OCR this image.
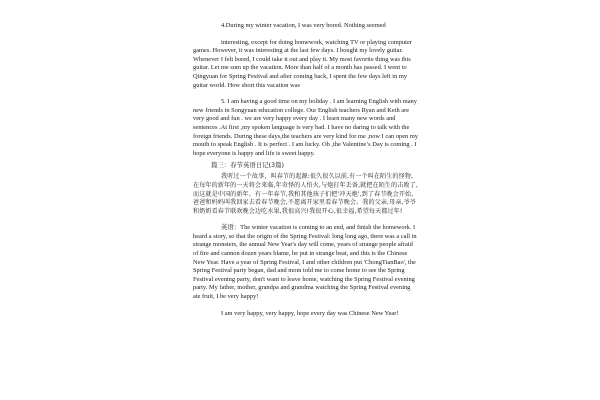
4.During my winter vacation, I was very bored. Nothing seemed

interesting, except for doing homework, watching TV or playing computer games. However, it was interesting at the last few days. I bought my lovely guitar. Whenever I felt bored, I could take it out and play it. My most favorite thing was this guitar. Let me sum up the vacation. More than half of a month has passed. I went to Qingyuan for Spring Festival and after coming back, I spent the few days left in my guitar world. How short this vacation was

5. I am having a good time on my holiday . I am learning English with many new friends in Songyuan education college. Our English teachers Ryan and Keth are very good and fun . we are very happy every day . I learn many new words and sentences .At first ,my spoken language is very bad. I have no daring to talk with the foreign friends. During these days,the teachers are very kind for me ,now I can open my mouth to speak English . It is perfect . I am lucky. Oh ,the Valentine’s Day is coming . I hope everyone is happy and life is sweet happy.

篇三：春节英语日记(3篇)

我听过一个故事，叫春节的起源:很久很久以前,有一个叫在陌生的怪物,在每年的新年的一天将会来临,年奇怪的人怕火,与炮打年丢备,就把在陌生的击败了,而这就是中国的新年。有一年春节,我和其他孩子们把'冲天炮',到了春节晚会开始,爸爸和妈妈叫我回家去看春节晚会,不愿离开家里看春节晚会。我的父亲,母亲,爷爷和奶奶看春节联欢晚会边吃水果,我很高兴!我很开心,很幸福,希望每天都过年!

英语：The winter vacation is coming to an end, and finish the homework. I heard a story, so that the origin of the Spring Festival: long long ago, there was a call in strange monsters, the annual New Year's day will come, years of strange people afraid of fire and cannon dozen years blame, he put in strange beat, and this is the Chinese New Year. Have a year of Spring Festival, I and other children put 'ChongTianBao', the Spring Festival party began, dad and mom told me to come home to see the Spring Festival evening party, don't want to leave home, watching the Spring Festival evening party. My father, mother, grandpa and grandma watching the Spring Festival evening ate fruit, I be very happy!

I am very happy, very happy, hope every day was Chinese New Year!
